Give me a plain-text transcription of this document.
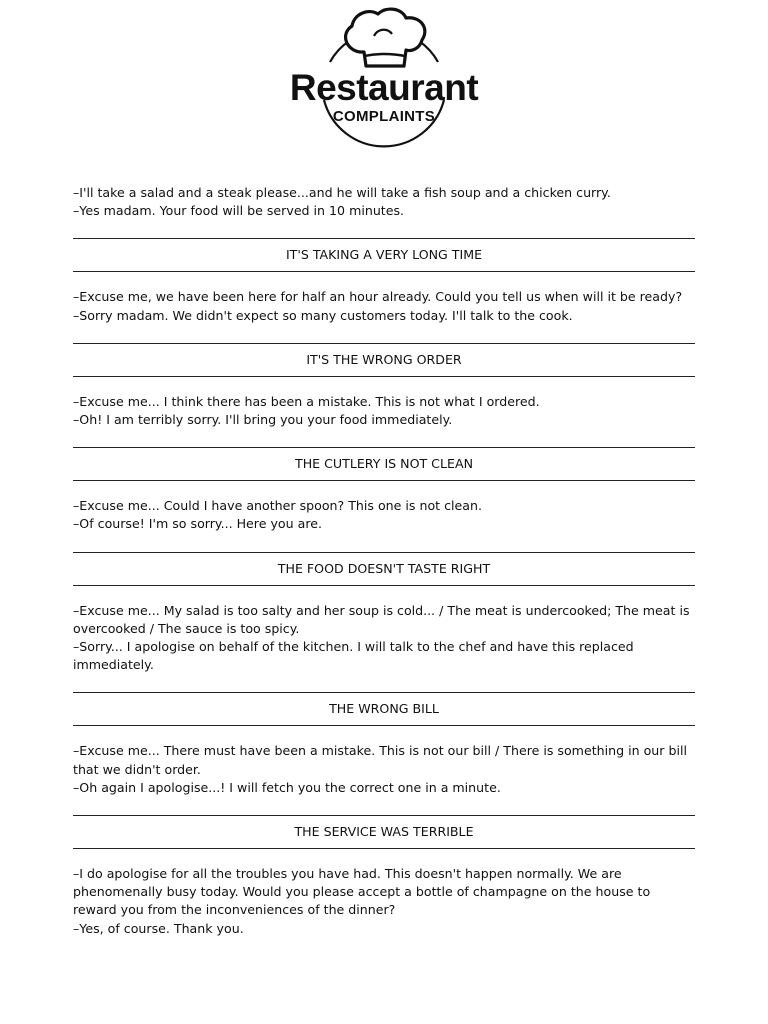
Restaurant
COMPLAINTS

–I'll take a salad and a steak please...and he will take a fish soup and a chicken curry.

–Yes madam. Your food will be served in 10 minutes.

IT'S TAKING A VERY LONG TIME

–Excuse me, we have been here for half an hour already. Could you tell us when will it be ready?

–Sorry madam. We didn't expect so many customers today. I'll talk to the cook.

IT'S THE WRONG ORDER

–Excuse me... I think there has been a mistake. This is not what I ordered.

–Oh! I am terribly sorry. I'll bring you your food immediately.

THE CUTLERY IS NOT CLEAN

–Excuse me... Could I have another spoon? This one is not clean.

–Of course! I'm so sorry... Here you are.

THE FOOD DOESN'T TASTE RIGHT

–Excuse me... My salad is too salty and her soup is cold... / The meat is undercooked; The meat is overcooked / The sauce is too spicy.

–Sorry... I apologise on behalf of the kitchen. I will talk to the chef and have this replaced immediately.

THE WRONG BILL

–Excuse me... There must have been a mistake. This is not our bill / There is something in our bill that we didn't order.

–Oh again I apologise...! I will fetch you the correct one in a minute.

THE SERVICE WAS TERRIBLE

–I do apologise for all the troubles you have had. This doesn't happen normally. We are phenomenally busy today. Would you please accept a bottle of champagne on the house to reward you from the inconveniences of the dinner?

–Yes, of course. Thank you.
